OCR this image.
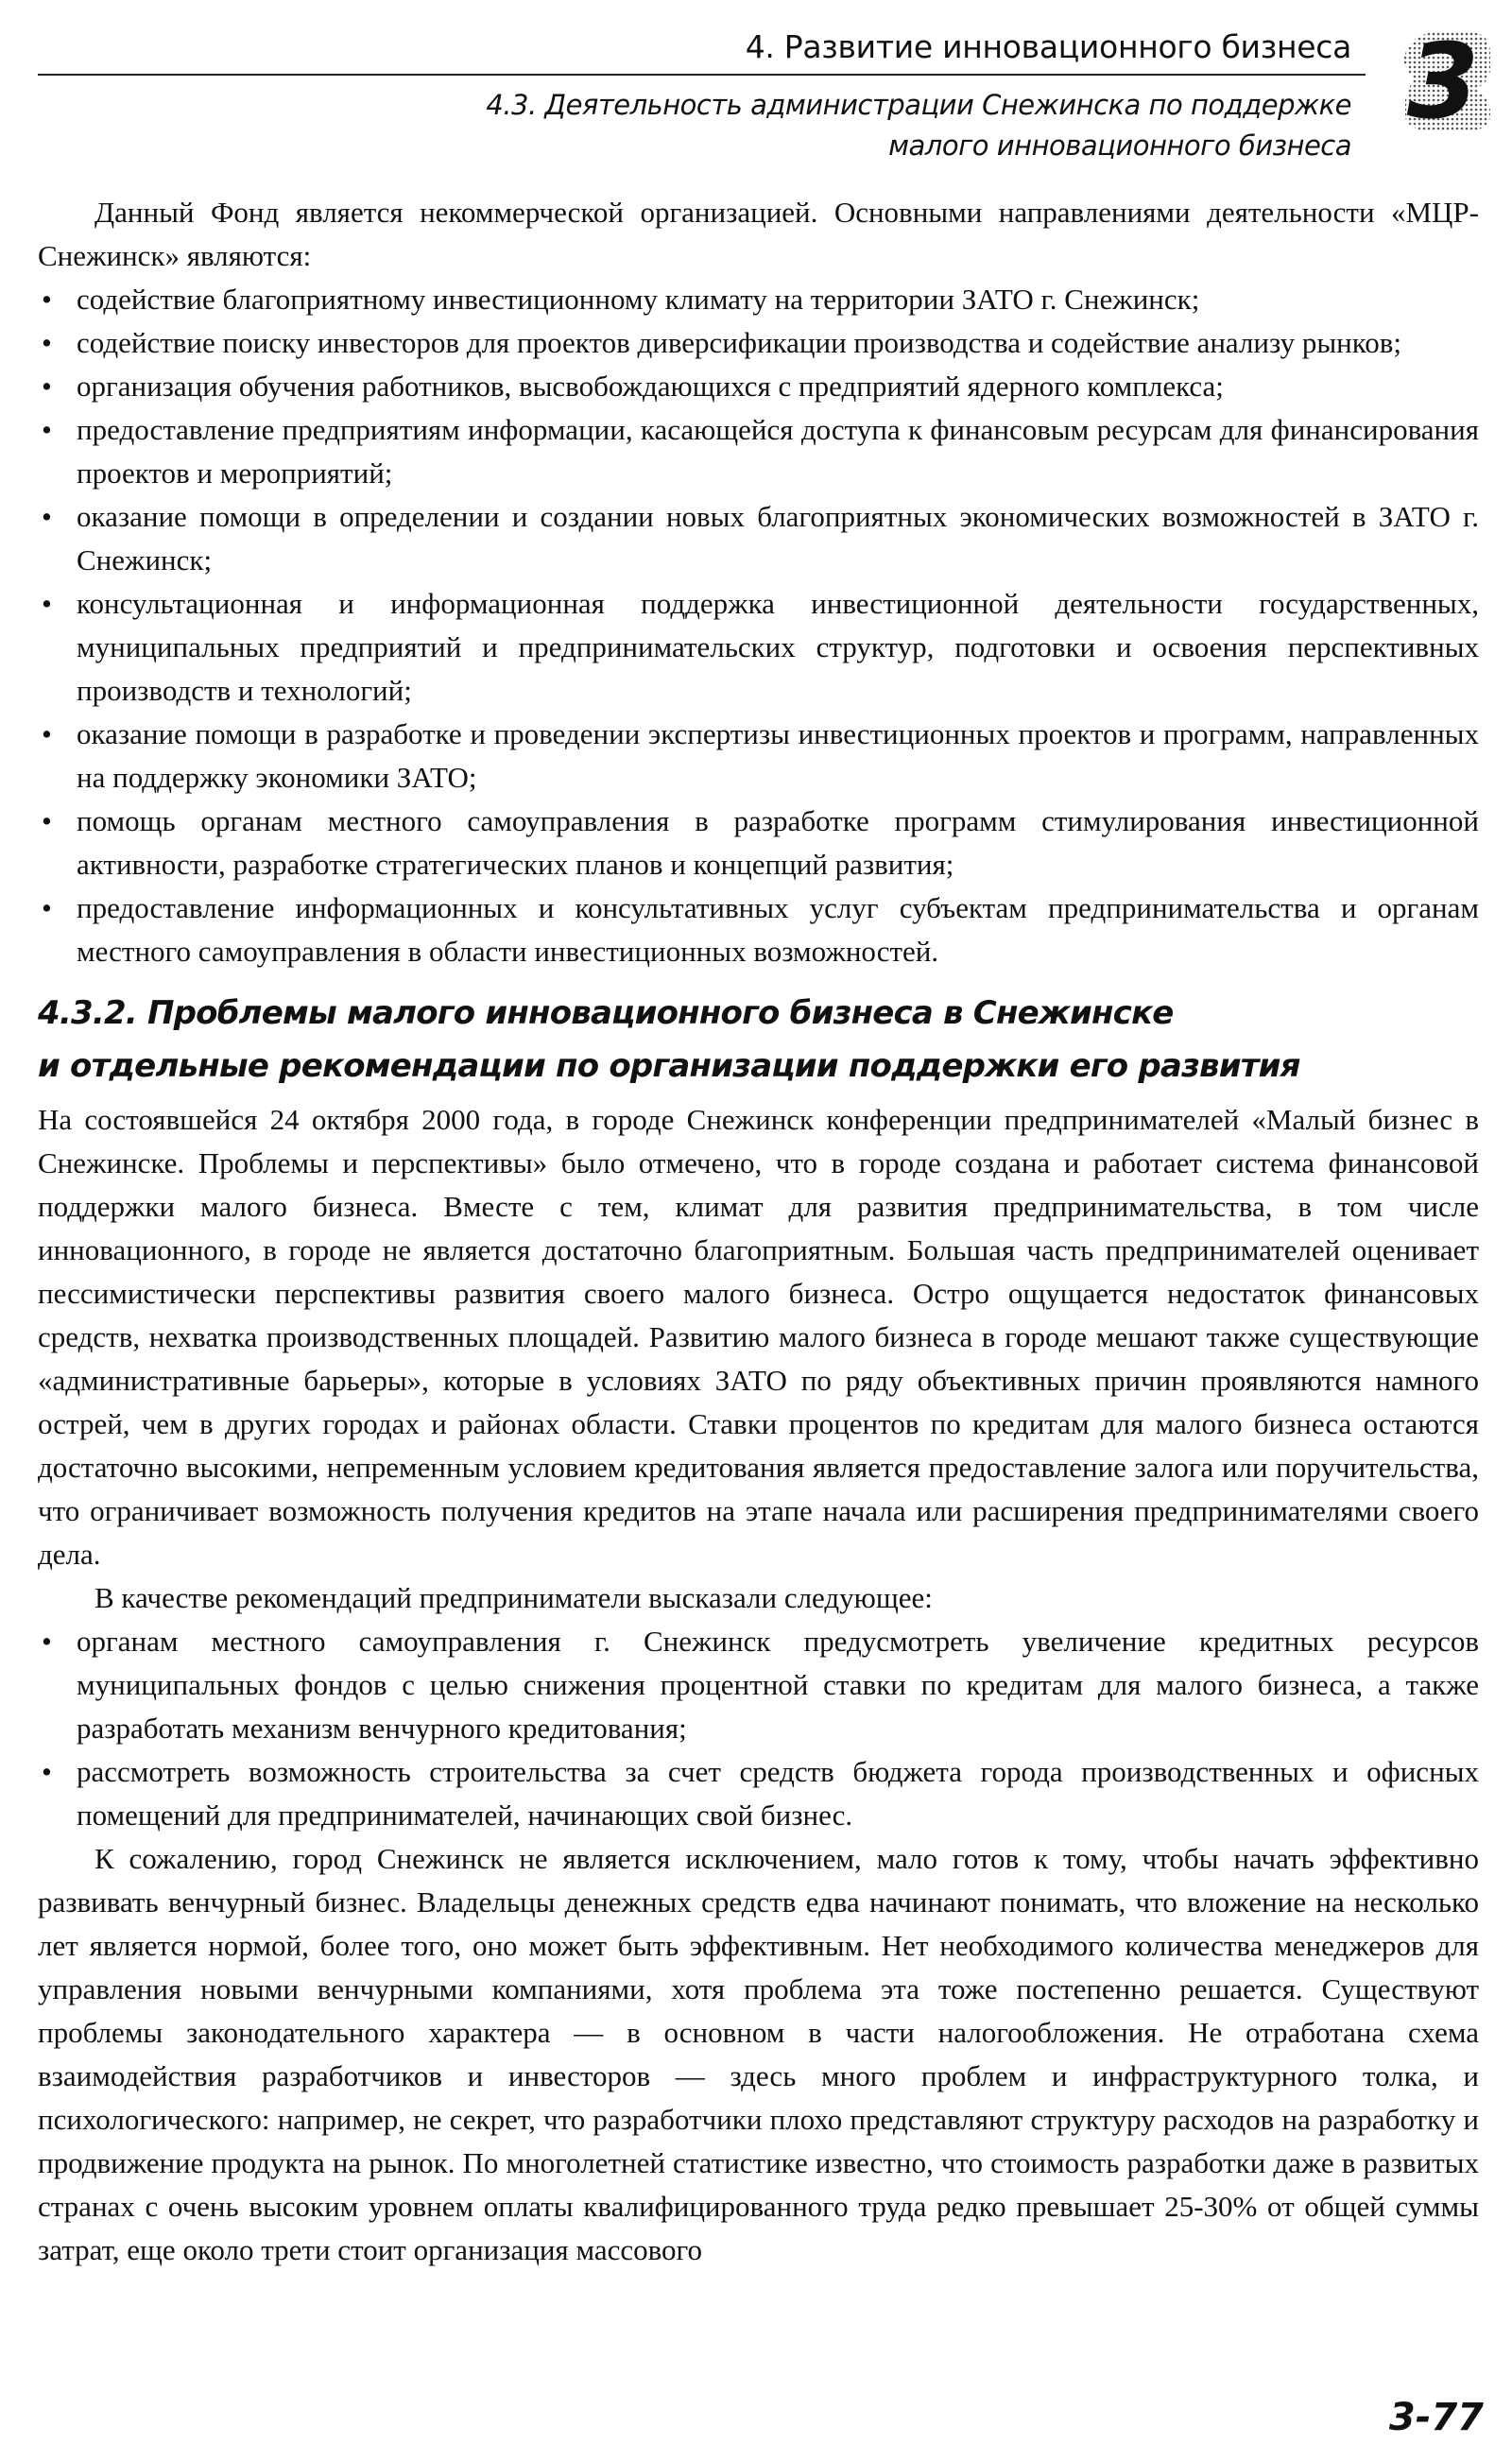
4. Развитие инновационного бизнеса
4.3. Деятельность администрации Снежинска по поддержке
малого инновационного бизнеса
3

Данный Фонд является некоммерческой организацией. Основными направлениями деятельности «МЦР-Снежинск» являются:

• содействие благоприятному инвестиционному климату на территории ЗАТО г. Снежинск;
• содействие поиску инвесторов для проектов диверсификации производства и содействие анализу рынков;
• организация обучения работников, высвобождающихся с предприятий ядерного комплекса;
• предоставление предприятиям информации, касающейся доступа к финансовым ресурсам для финансирования проектов и мероприятий;
• оказание помощи в определении и создании новых благоприятных экономических возможностей в ЗАТО г. Снежинск;
• консультационная и информационная поддержка инвестиционной деятельности государственных, муниципальных предприятий и предпринимательских структур, подготовки и освоения перспективных производств и технологий;
• оказание помощи в разработке и проведении экспертизы инвестиционных проектов и программ, направленных на поддержку экономики ЗАТО;
• помощь органам местного самоуправления в разработке программ стимулирования инвестиционной активности, разработке стратегических планов и концепций развития;
• предоставление информационных и консультативных услуг субъектам предпринимательства и органам местного самоуправления в области инвестиционных возможностей.
4.3.2. Проблемы малого инновационного бизнеса в Снежинске
и отдельные рекомендации по организации поддержки его развития

На состоявшейся 24 октября 2000 года, в городе Снежинск конференции предпринимателей «Малый бизнес в Снежинске. Проблемы и перспективы» было отмечено, что в городе создана и работает система финансовой поддержки малого бизнеса. Вместе с тем, климат для развития предпринимательства, в том числе инновационного, в городе не является достаточно благоприятным. Большая часть предпринимателей оценивает пессимистически перспективы развития своего малого бизнеса. Остро ощущается недостаток финансовых средств, нехватка производственных площадей. Развитию малого бизнеса в городе мешают также существующие «административные барьеры», которые в условиях ЗАТО по ряду объективных причин проявляются намного острей, чем в других городах и районах области. Ставки процентов по кредитам для малого бизнеса остаются достаточно высокими, непременным условием кредитования является предоставление залога или поручительства, что ограничивает возможность получения кредитов на этапе начала или расширения предпринимателями своего дела.

В качестве рекомендаций предприниматели высказали следующее:

• органам местного самоуправления г. Снежинск предусмотреть увеличение кредитных ресурсов муниципальных фондов с целью снижения процентной ставки по кредитам для малого бизнеса, а также разработать механизм венчурного кредитования;
• рассмотреть возможность строительства за счет средств бюджета города производственных и офисных помещений для предпринимателей, начинающих свой бизнес.

К сожалению, город Снежинск не является исключением, мало готов к тому, чтобы начать эффективно развивать венчурный бизнес. Владельцы денежных средств едва начинают понимать, что вложение на несколько лет является нормой, более того, оно может быть эффективным. Нет необходимого количества менеджеров для управления новыми венчурными компаниями, хотя проблема эта тоже постепенно решается. Существуют проблемы законодательного характера — в основном в части налогообложения. Не отработана схема взаимодействия разработчиков и инвесторов — здесь много проблем и инфраструктурного толка, и психологического: например, не секрет, что разработчики плохо представляют структуру расходов на разработку и продвижение продукта на рынок. По многолетней статистике известно, что стоимость разработки даже в развитых странах с очень высоким уровнем оплаты квалифицированного труда редко превышает 25-30% от общей суммы затрат, еще около трети стоит организация массового

3-77
